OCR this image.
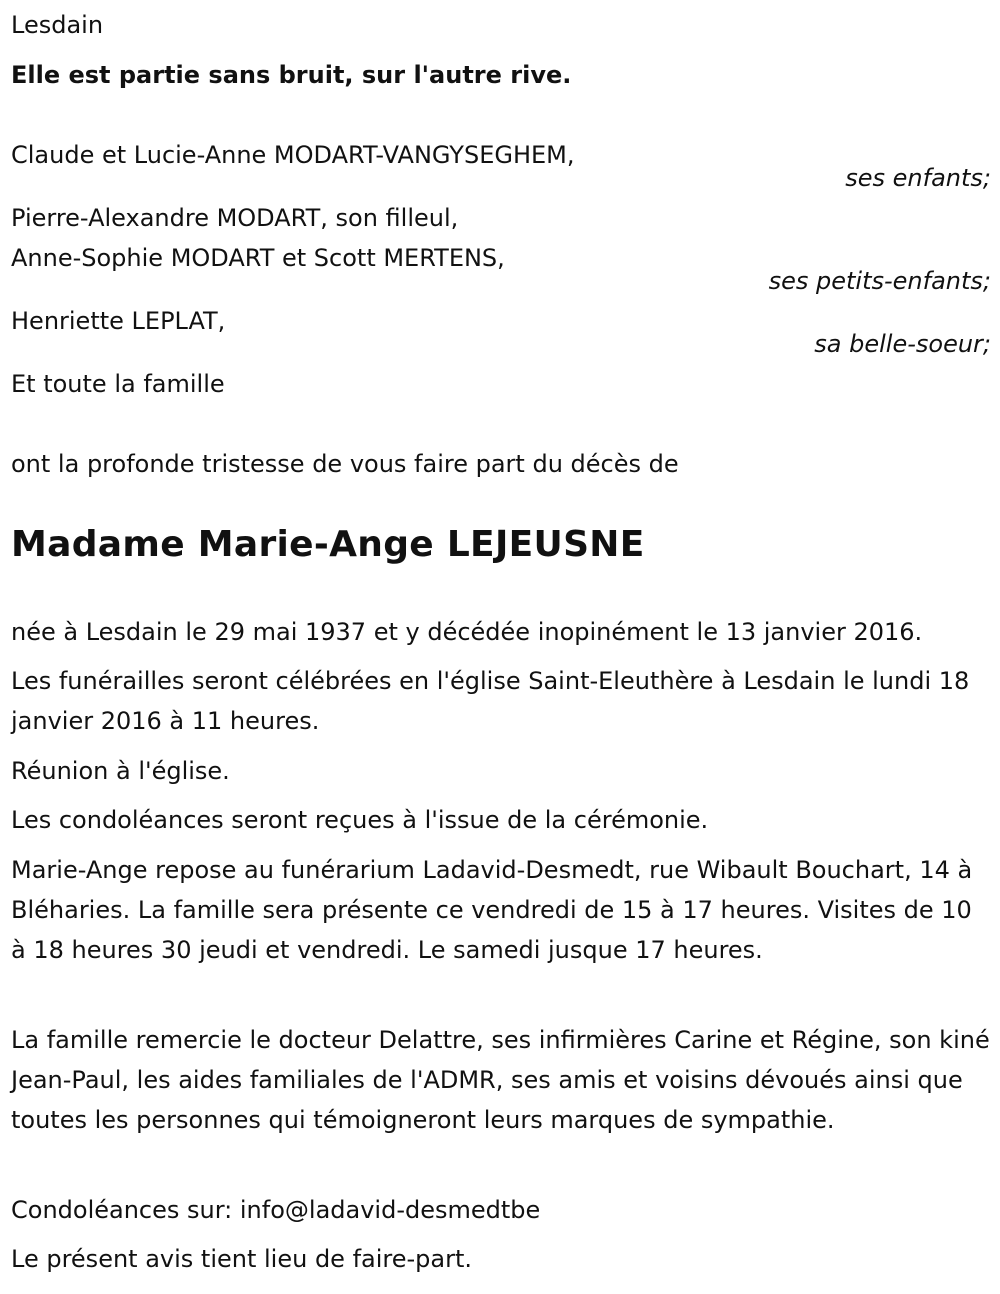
Lesdain
Elle est partie sans bruit, sur l'autre rive.
Claude et Lucie-Anne MODART-VANGYSEGHEM,
ses enfants;
Pierre-Alexandre MODART, son filleul,
Anne-Sophie MODART et Scott MERTENS,
ses petits-enfants;
Henriette LEPLAT,
sa belle-soeur;
Et toute la famille
ont la profonde tristesse de vous faire part du décès de
Madame Marie-Ange LEJEUSNE
née à Lesdain le 29 mai 1937 et y décédée inopinément le 13 janvier 2016.
Les funérailles seront célébrées en l'église Saint-Eleuthère à Lesdain le lundi 18 janvier 2016 à 11 heures.
Réunion à l'église.
Les condoléances seront reçues à l'issue de la cérémonie.
Marie-Ange repose au funérarium Ladavid-Desmedt, rue Wibault Bouchart, 14 à Bléharies. La famille sera présente ce vendredi de 15 à 17 heures. Visites de 10 à 18 heures 30 jeudi et vendredi. Le samedi jusque 17 heures.
La famille remercie le docteur Delattre, ses infirmières Carine et Régine, son kiné Jean-Paul, les aides familiales de l'ADMR, ses amis et voisins dévoués ainsi que toutes les personnes qui témoigneront leurs marques de sympathie.
Condoléances sur: info@ladavid-desmedtbe
Le présent avis tient lieu de faire-part.
